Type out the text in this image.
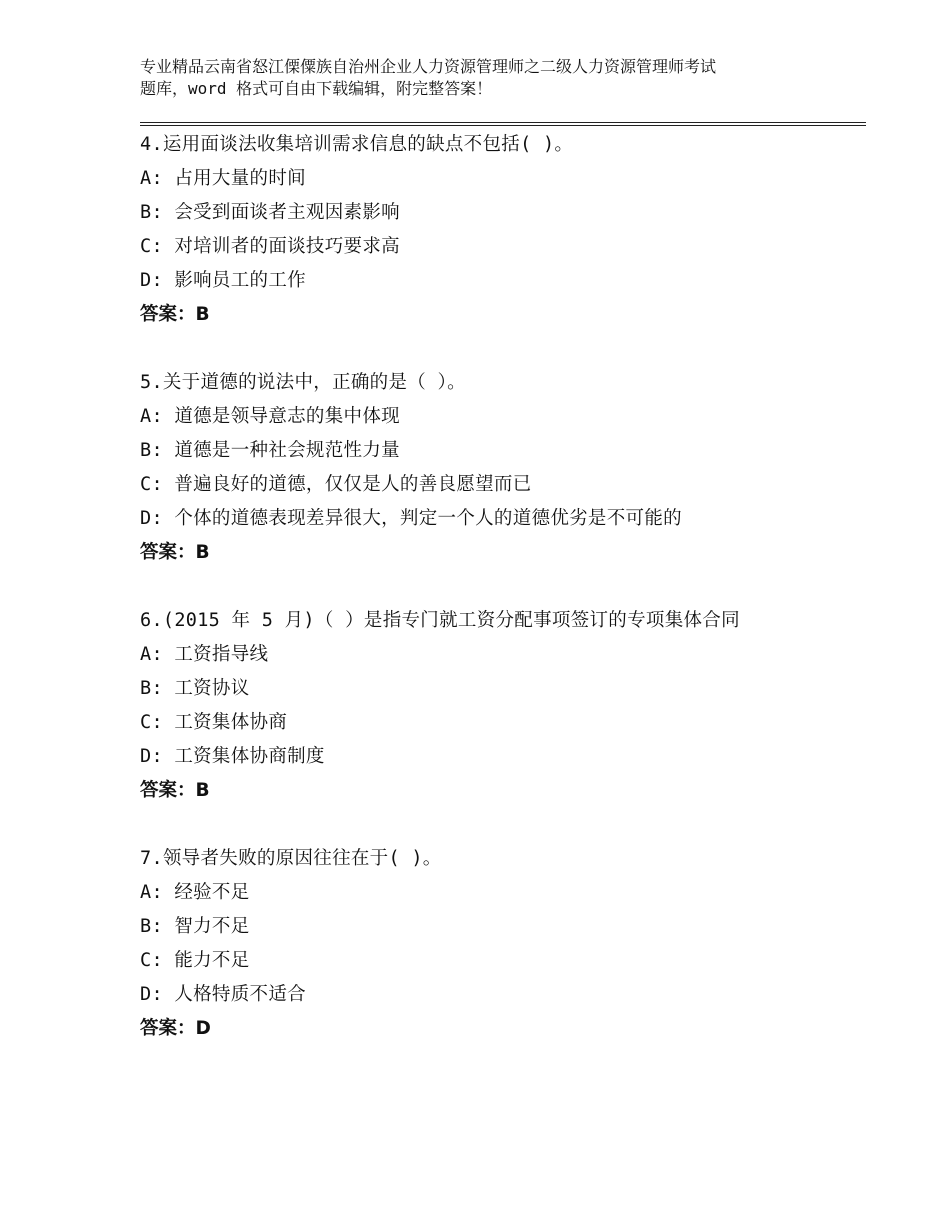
专业精品云南省怒江傈僳族自治州企业人力资源管理师之二级人力资源管理师考试
题库，word 格式可自由下载编辑，附完整答案！
4.运用面谈法收集培训需求信息的缺点不包括( )。
A: 占用大量的时间
B: 会受到面谈者主观因素影响
C: 对培训者的面谈技巧要求高
D: 影响员工的工作
答案：B
5.关于道德的说法中，正确的是（ ）。
A: 道德是领导意志的集中体现
B: 道德是一种社会规范性力量
C: 普遍良好的道德，仅仅是人的善良愿望而已
D: 个体的道德表现差异很大，判定一个人的道德优劣是不可能的
答案：B
6.(2015 年 5 月)（ ）是指专门就工资分配事项签订的专项集体合同
A: 工资指导线
B: 工资协议
C: 工资集体协商
D: 工资集体协商制度
答案：B
7.领导者失败的原因往往在于( )。
A: 经验不足
B: 智力不足
C: 能力不足
D: 人格特质不适合
答案：D
